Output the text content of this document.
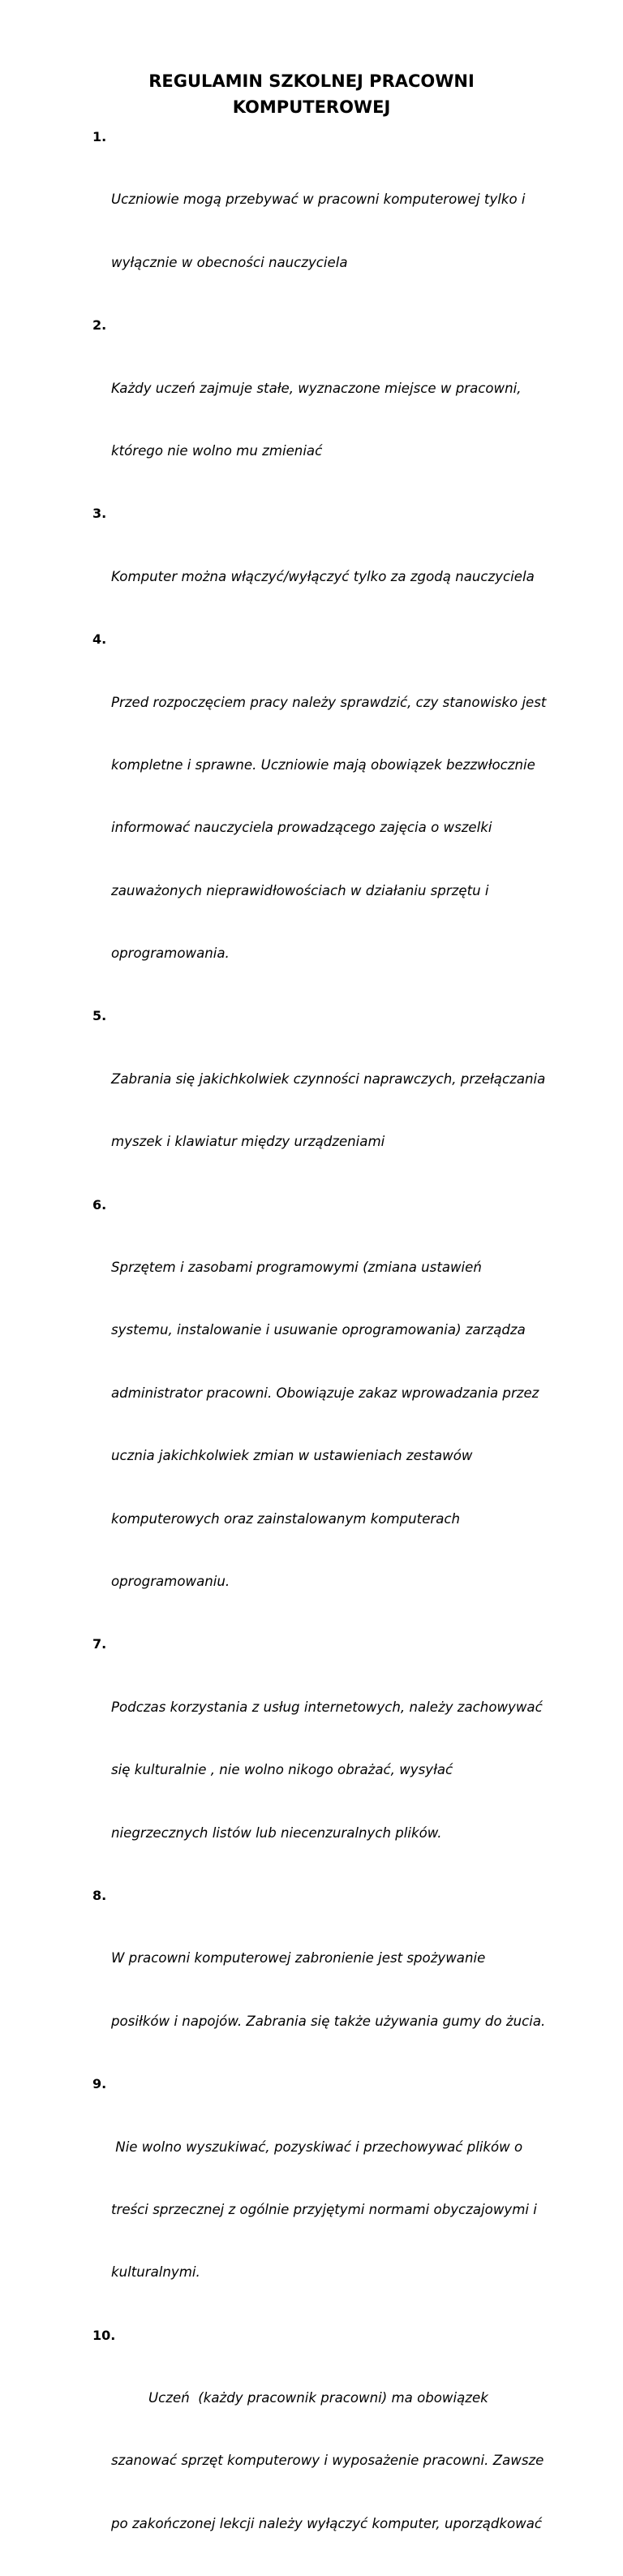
REGULAMIN SZKOLNEJ PRACOWNI
KOMPUTEROWEJ

1.

Uczniowie mogą przebywać w pracowni komputerowej tylko i

wyłącznie w obecności nauczyciela

2.

Każdy uczeń zajmuje stałe, wyznaczone miejsce w pracowni,

którego nie wolno mu zmieniać

3.

Komputer można włączyć/wyłączyć tylko za zgodą nauczyciela

4.

Przed rozpoczęciem pracy należy sprawdzić, czy stanowisko jest

kompletne i sprawne. Uczniowie mają obowiązek bezzwłocznie

informować nauczyciela prowadzącego zajęcia o wszelki

zauważonych nieprawidłowościach w działaniu sprzętu i

oprogramowania.

5.

Zabrania się jakichkolwiek czynności naprawczych, przełączania

myszek i klawiatur między urządzeniami

6.

Sprzętem i zasobami programowymi (zmiana ustawień

systemu, instalowanie i usuwanie oprogramowania) zarządza

administrator pracowni. Obowiązuje zakaz wprowadzania przez

ucznia jakichkolwiek zmian w ustawieniach zestawów

komputerowych oraz zainstalowanym komputerach

oprogramowaniu.

7.

Podczas korzystania z usług internetowych, należy zachowywać

się kulturalnie , nie wolno nikogo obrażać, wysyłać

niegrzecznych listów lub niecenzuralnych plików.

8.

W pracowni komputerowej zabronienie jest spożywanie

posiłków i napojów. Zabrania się także używania gumy do żucia.

9.

Nie wolno wyszukiwać, pozyskiwać i przechowywać plików o

treści sprzecznej z ogólnie przyjętymi normami obyczajowymi i

kulturalnymi.

10.

Uczeń  (każdy pracownik pracowni) ma obowiązek

szanować sprzęt komputerowy i wyposażenie pracowni. Zawsze

po zakończonej lekcji należy wyłączyć komputer, uporządkować
